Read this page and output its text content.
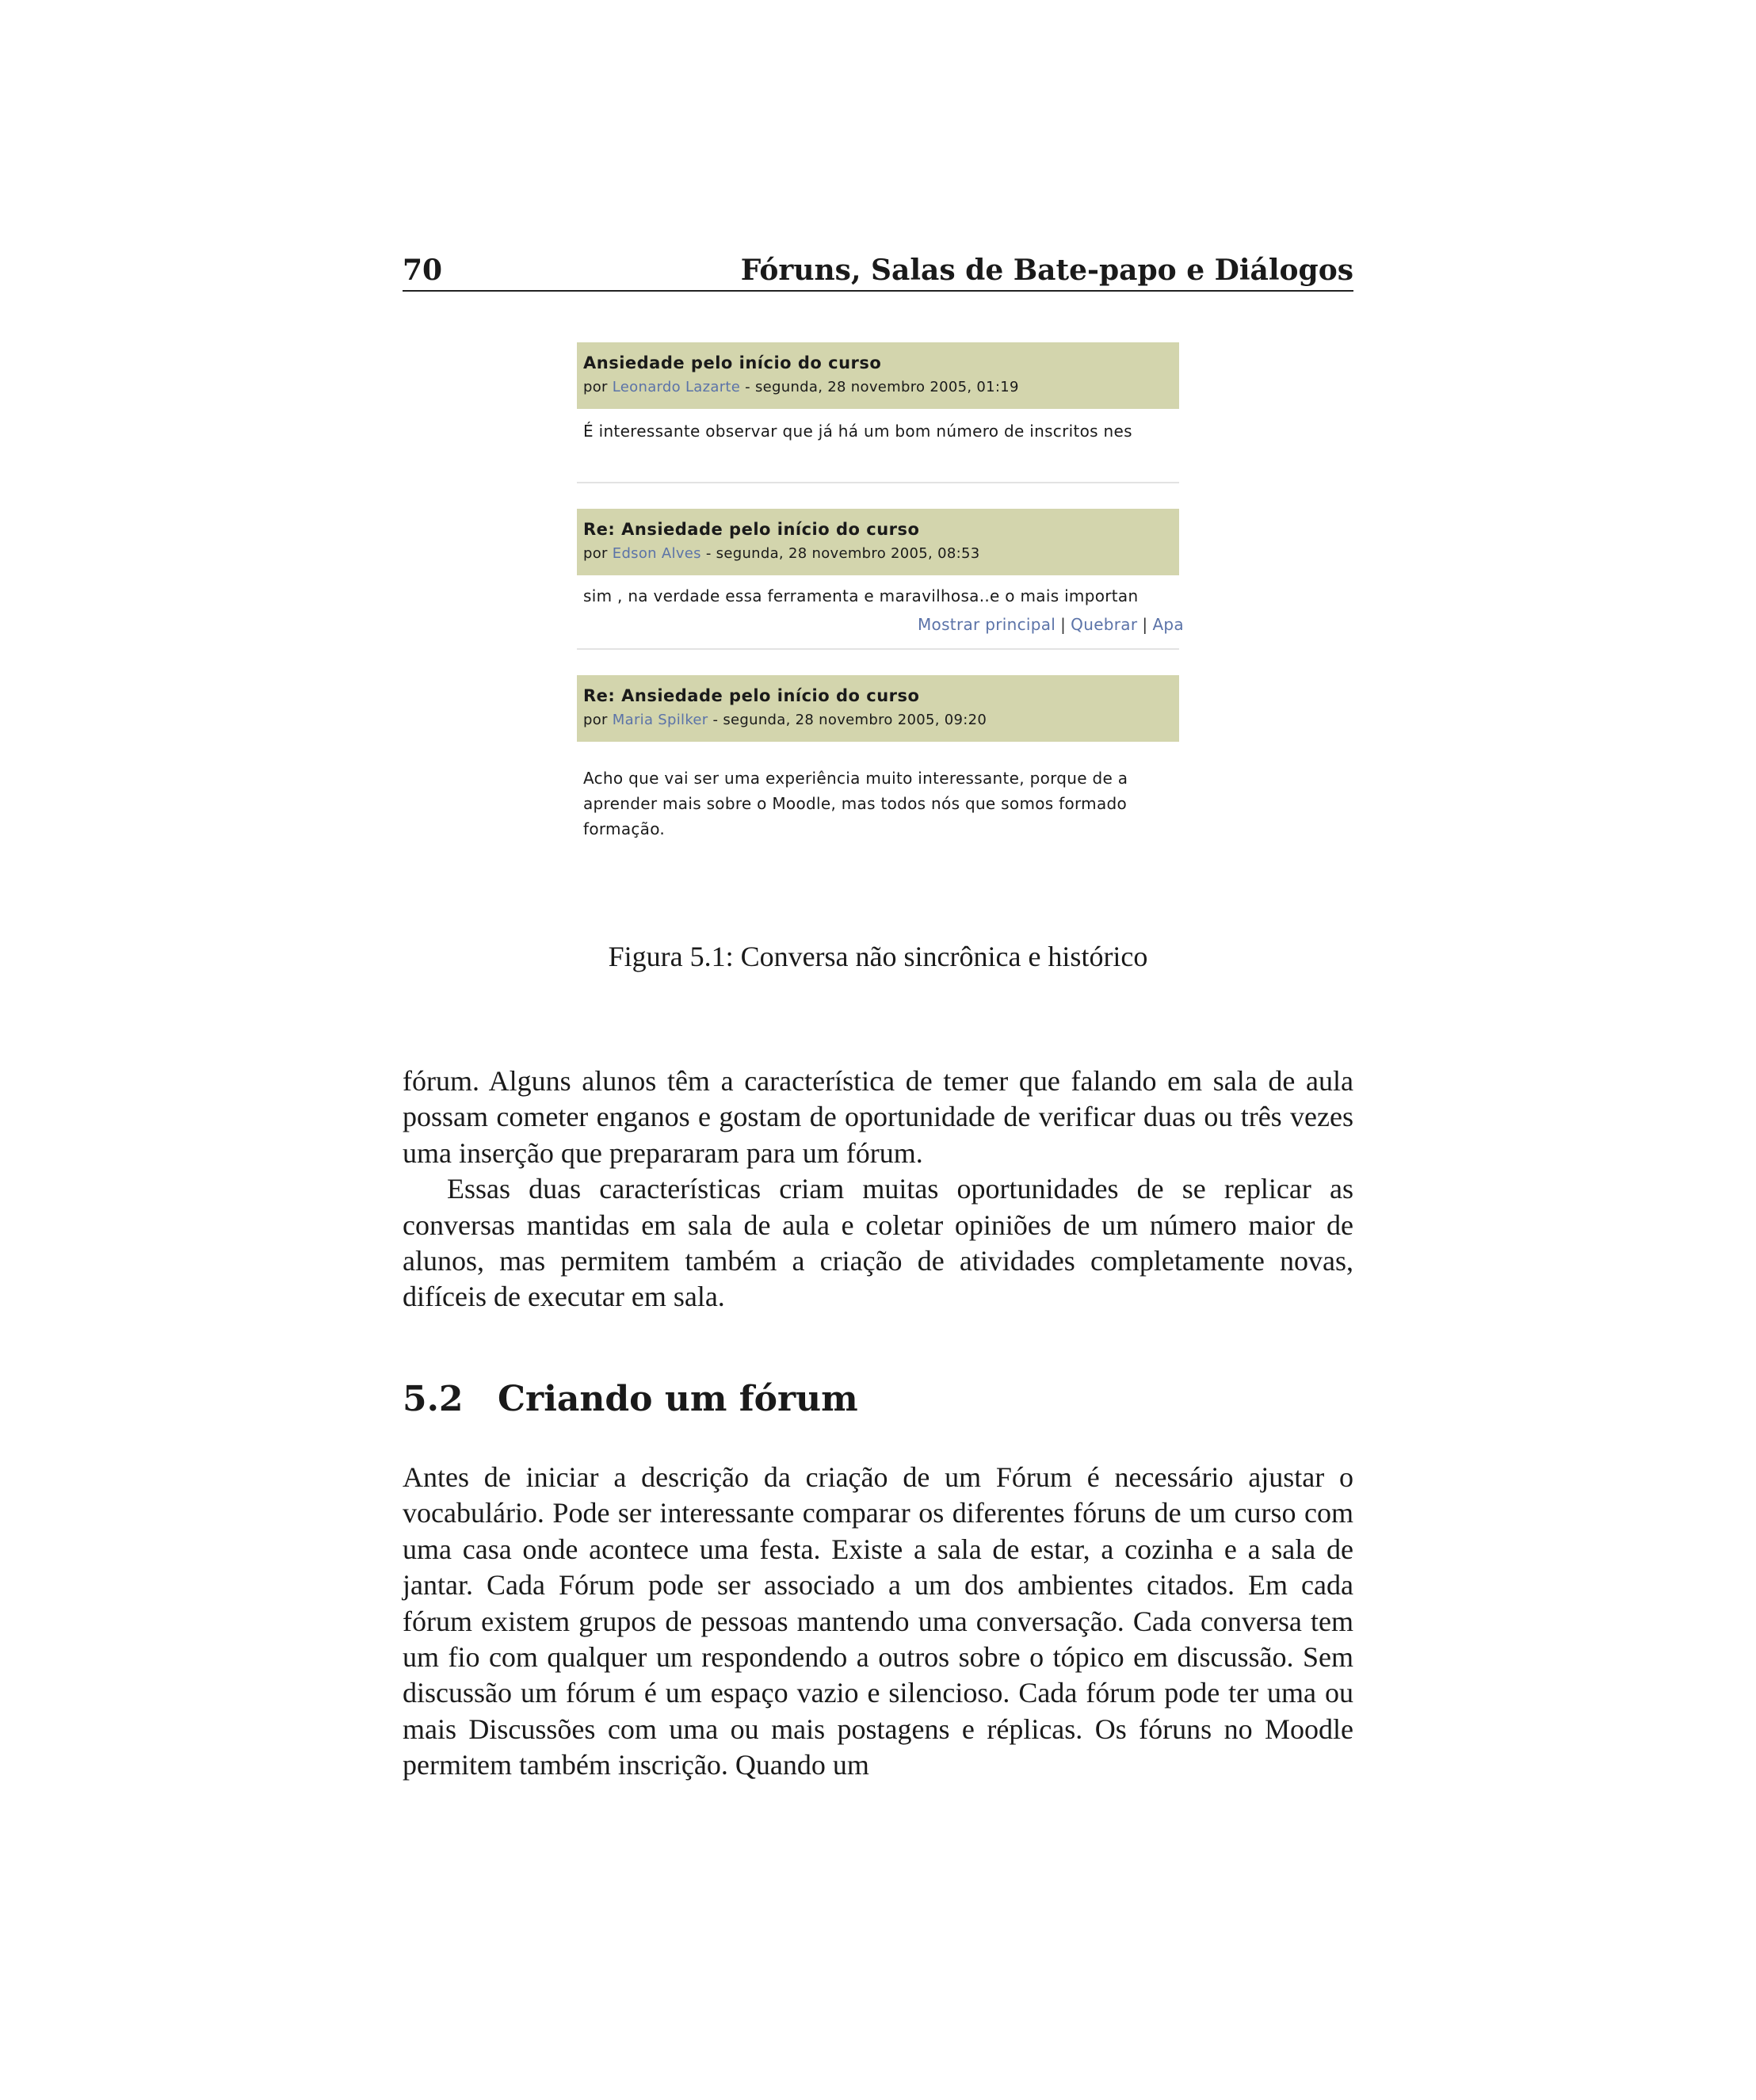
70	Fóruns, Salas de Bate-papo e Diálogos
Ansiedade pelo início do curso
por Leonardo Lazarte - segunda, 28 novembro 2005, 01:19
É interessante observar que já há um bom número de inscritos nes
Re: Ansiedade pelo início do curso
por Edson Alves - segunda, 28 novembro 2005, 08:53
sim , na verdade essa ferramenta e maravilhosa..e o mais importan
Mostrar principal | Quebrar | Apa
Re: Ansiedade pelo início do curso
por Maria Spilker - segunda, 28 novembro 2005, 09:20
Acho que vai ser uma experiência muito interessante, porque de a
aprender mais sobre o Moodle, mas todos nós que somos formado
formação.
Figura 5.1: Conversa não sincrônica e histórico

fórum. Alguns alunos têm a característica de temer que falando em sala de aula possam cometer enganos e gostam de oportunidade de verificar duas ou três vezes uma inserção que prepararam para um fórum.

Essas duas características criam muitas oportunidades de se replicar as conversas mantidas em sala de aula e coletar opiniões de um número maior de alunos, mas permitem também a criação de atividades completamente novas, difíceis de executar em sala.

5.2 Criando um fórum

Antes de iniciar a descrição da criação de um Fórum é necessário ajustar o vocabulário. Pode ser interessante comparar os diferentes fóruns de um curso com uma casa onde acontece uma festa. Existe a sala de estar, a cozinha e a sala de jantar. Cada Fórum pode ser associado a um dos ambientes citados. Em cada fórum existem grupos de pessoas mantendo uma conversação. Cada conversa tem um fio com qualquer um respondendo a outros sobre o tópico em discussão. Sem discussão um fórum é um espaço vazio e silencioso. Cada fórum pode ter uma ou mais Discussões com uma ou mais postagens e réplicas. Os fóruns no Moodle permitem também inscrição. Quando um
